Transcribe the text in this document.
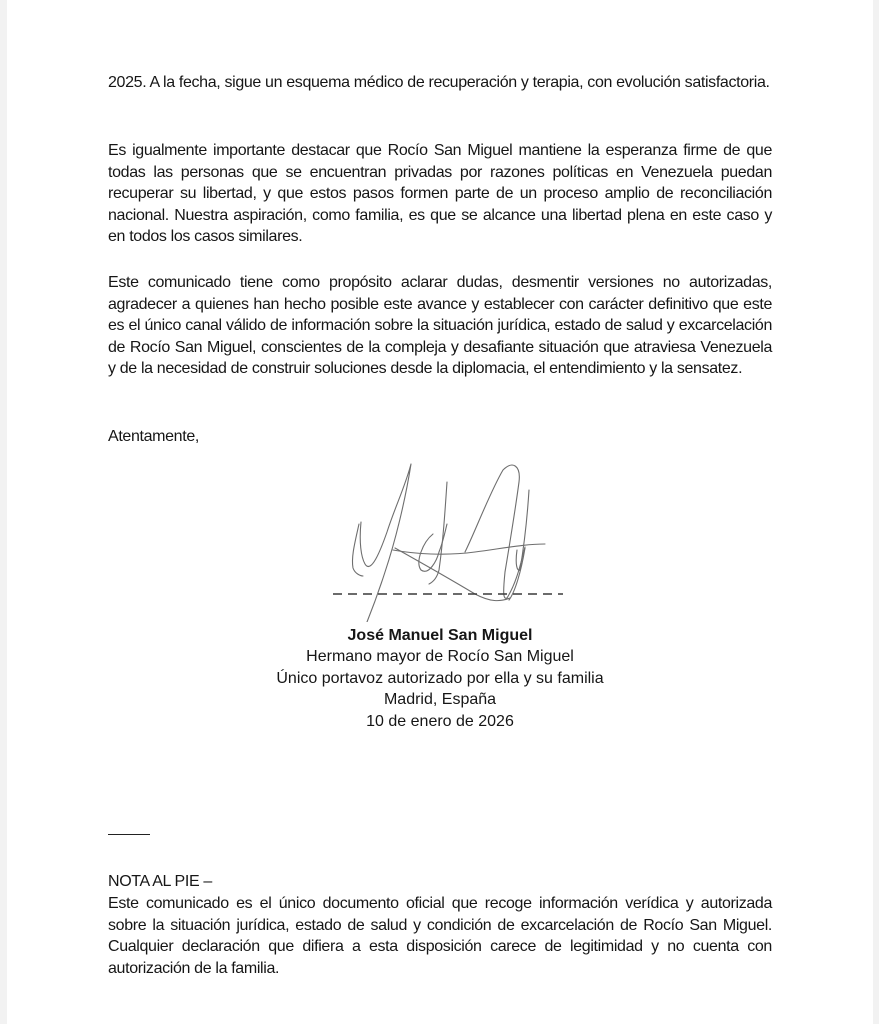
2025. A la fecha, sigue un esquema médico de recuperación y terapia, con evolución satisfactoria.

Es igualmente importante destacar que Rocío San Miguel mantiene la esperanza firme de que todas las personas que se encuentran privadas por razones políticas en Venezuela puedan recuperar su libertad, y que estos pasos formen parte de un proceso amplio de reconciliación nacional. Nuestra aspiración, como familia, es que se alcance una libertad plena en este caso y en todos los casos similares.

Este comunicado tiene como propósito aclarar dudas, desmentir versiones no autorizadas, agradecer a quienes han hecho posible este avance y establecer con carácter definitivo que este es el único canal válido de información sobre la situación jurídica, estado de salud y excarcelación de Rocío San Miguel, conscientes de la compleja y desafiante situación que atraviesa Venezuela y de la necesidad de construir soluciones desde la diplomacia, el entendimiento y la sensatez.

Atentamente,

José Manuel San Miguel
Hermano mayor de Rocío San Miguel
Único portavoz autorizado por ella y su familia
Madrid, España
10 de enero de 2026

NOTA AL PIE –

Este comunicado es el único documento oficial que recoge información verídica y autorizada sobre la situación jurídica, estado de salud y condición de excarcelación de Rocío San Miguel. Cualquier declaración que difiera a esta disposición carece de legitimidad y no cuenta con autorización de la familia.
